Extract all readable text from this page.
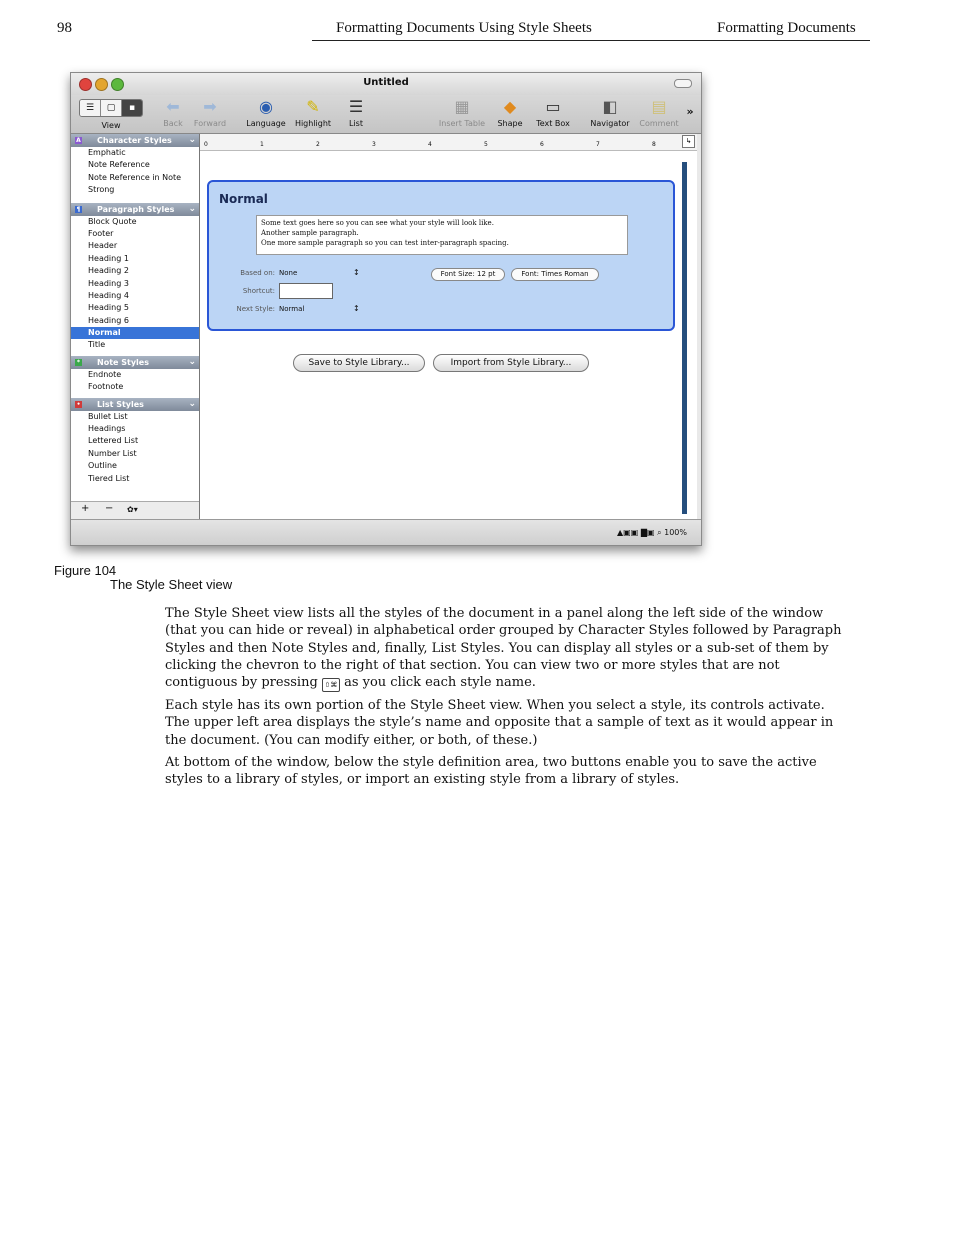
98	Formatting Documents Using Style Sheets	Formatting Documents
Untitled
☰	▢	▪
View
⬅
Back
➡
Forward
◉
Language
✎
Highlight
☰
List
▦
Insert Table
◆
Shape
▭
Text Box
◧
Navigator
▤
Comment
»
A Character Styles ⌄
Emphatic
Note Reference
Note Reference in Note
Strong
¶ Paragraph Styles ⌄
Block Quote
Footer
Header
Heading 1
Heading 2
Heading 3
Heading 4
Heading 5
Heading 6
Normal
Title
* Note Styles	⌄
Endnote
Footnote
• List Styles	⌄
Bullet List
Headings
Lettered List
Number List
Outline
Tiered List
+ − ✿▾
0	1	2	3	4	5	6	7	8	↳
Normal
Some text goes here so you can see what your style will look like.
Another sample paragraph.
One more sample paragraph so you can test inter-paragraph spacing.
Based on: None	↕
Shortcut:
Next Style: Normal	↕
Font Size: 12 pt	Font: Times Roman
Save to Style Library...	Import from Style Library...
▲▣▣ ▇▣ ⌕ 100%
Figure 104
The Style Sheet view

The Style Sheet view lists all the styles of the document in a panel along the left side of the window (that you can hide or reveal) in alphabetical order grouped by Character Styles followed by Paragraph Styles and then Note Styles and, finally, List Styles. You can display all styles or a sub-set of them by clicking the chevron to the right of that section. You can view two or more styles that are not contiguous by pressing ⇧⌘ as you click each style name.

Each style has its own portion of the Style Sheet view. When you select a style, its controls activate. The upper left area displays the style’s name and opposite that a sample of text as it would appear in the document. (You can modify either, or both, of these.)

At bottom of the window, below the style definition area, two buttons enable you to save the active styles to a library of styles, or import an existing style from a library of styles.
